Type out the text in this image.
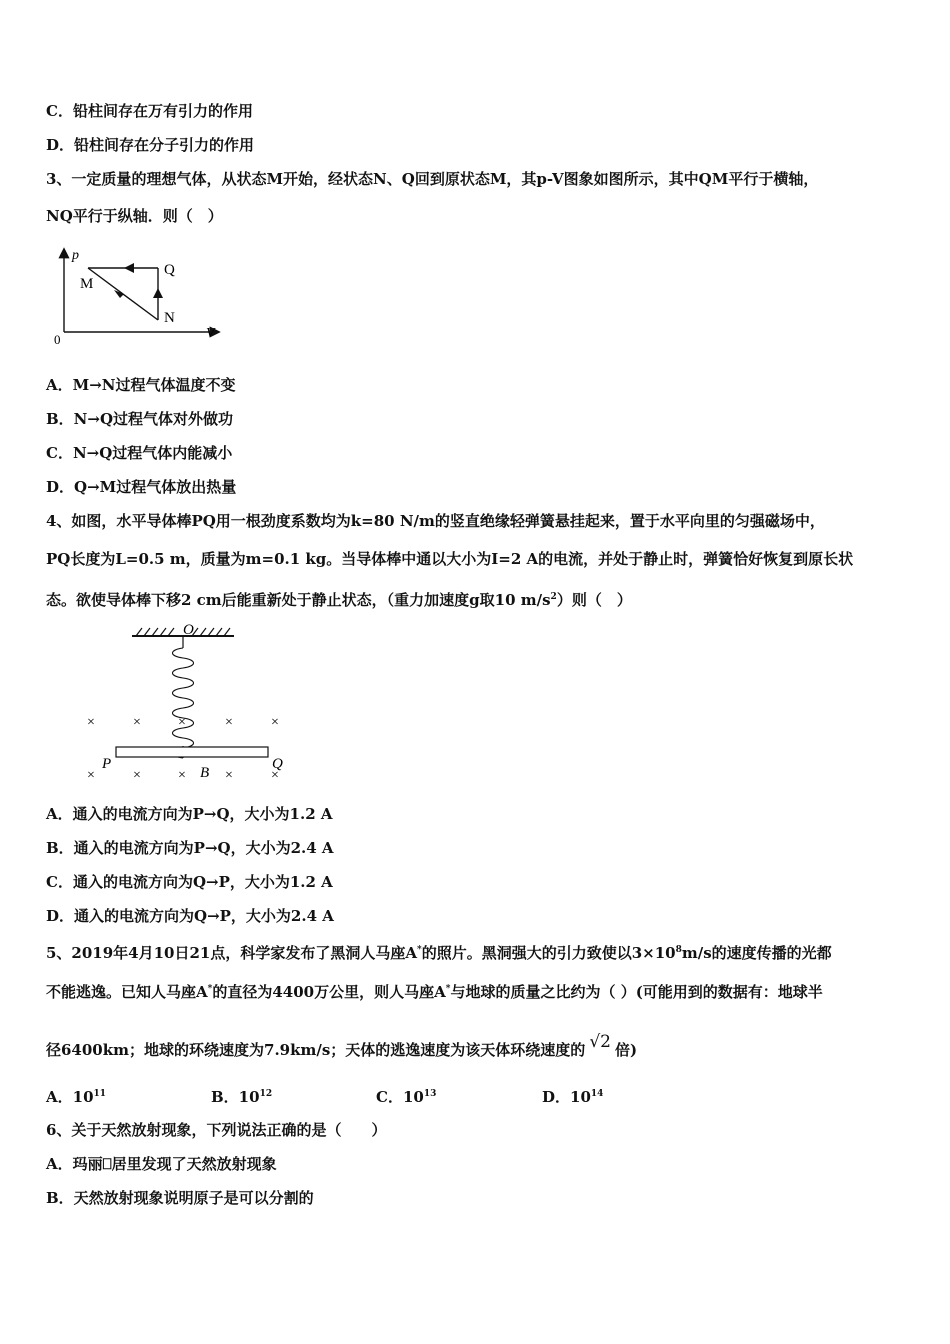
C．铅柱间存在万有引力的作用
D．铅柱间存在分子引力的作用
3、一定质量的理想气体，从状态M开始，经状态N、Q回到原状态M，其p-V图象如图所示，其中QM平行于横轴，
NQ平行于纵轴．则（　）
p
V
0
M
Q
N
A．M→N过程气体温度不变
B．N→Q过程气体对外做功
C．N→Q过程气体内能减小
D．Q→M过程气体放出热量
4、如图，水平导体棒PQ用一根劲度系数均为k=80 N/m的竖直绝缘轻弹簧悬挂起来，置于水平向里的匀强磁场中，
PQ长度为L=0.5 m，质量为m=0.1 kg。当导体棒中通以大小为I=2 A的电流，并处于静止时，弹簧恰好恢复到原长状
态。欲使导体棒下移2 cm后能重新处于静止状态，（重力加速度g取10 $m/s^2$）则（　）
O
×	×	×	×	×
×	×	×	×	×
P	Q
B
A．通入的电流方向为P→Q，大小为1.2 A
B．通入的电流方向为P→Q，大小为2.4 A
C．通入的电流方向为Q→P，大小为1.2 A
D．通入的电流方向为Q→P，大小为2.4 A
5、2019年4月10日21点，科学家发布了黑洞人马座A*的照片。黑洞强大的引力致使以$3\times 10^8m/s$的速度传播的光都
不能逃逸。已知人马座A*的直径为4400万公里，则人马座A*与地球的质量之比约为（ ）(可能用到的数据有：地球半
径6400km；地球的环绕速度为7.9km/s；天体的逃逸速度为该天体环绕速度的 √2 倍)
A．$10^{11}$	B．$10^{12}$	C．$10^{13}$	D．$10^{14}$
6、关于天然放射现象，下列说法正确的是（　　）
A．玛丽⎕居里发现了天然放射现象
B．天然放射现象说明原子是可以分割的
